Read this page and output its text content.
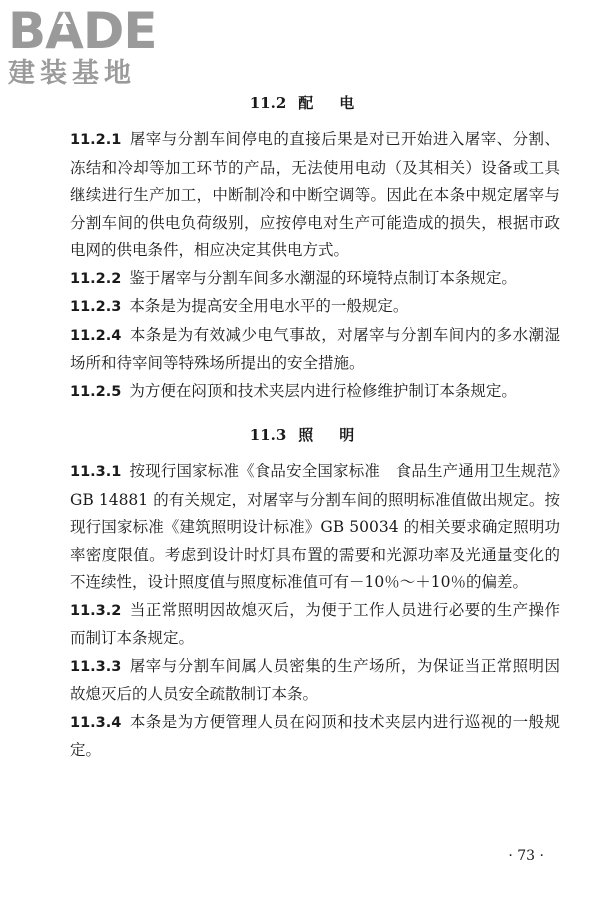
BA
DE
建装基地
11.2 配电

11.2.1 屠宰与分割车间停电的直接后果是对已开始进入屠宰、分割、冻结和冷却等加工环节的产品，无法使用电动（及其相关）设备或工具继续进行生产加工，中断制冷和中断空调等。因此在本条中规定屠宰与分割车间的供电负荷级别，应按停电对生产可能造成的损失，根据市政电网的供电条件，相应决定其供电方式。

11.2.2 鉴于屠宰与分割车间多水潮湿的环境特点制订本条规定。

11.2.3 本条是为提高安全用电水平的一般规定。

11.2.4 本条是为有效减少电气事故，对屠宰与分割车间内的多水潮湿场所和待宰间等特殊场所提出的安全措施。

11.2.5 为方便在闷顶和技术夹层内进行检修维护制订本条规定。

11.3 照明

11.3.1 按现行国家标准《食品安全国家标准　食品生产通用卫生规范》GB 14881 的有关规定，对屠宰与分割车间的照明标准值做出规定。按现行国家标准《建筑照明设计标准》GB 50034 的相关要求确定照明功率密度限值。考虑到设计时灯具布置的需要和光源功率及光通量变化的不连续性，设计照度值与照度标准值可有－10％～＋10％的偏差。

11.3.2 当正常照明因故熄灭后，为便于工作人员进行必要的生产操作而制订本条规定。

11.3.3 屠宰与分割车间属人员密集的生产场所，为保证当正常照明因故熄灭后的人员安全疏散制订本条。

11.3.4 本条是为方便管理人员在闷顶和技术夹层内进行巡视的一般规定。

· 73 ·
